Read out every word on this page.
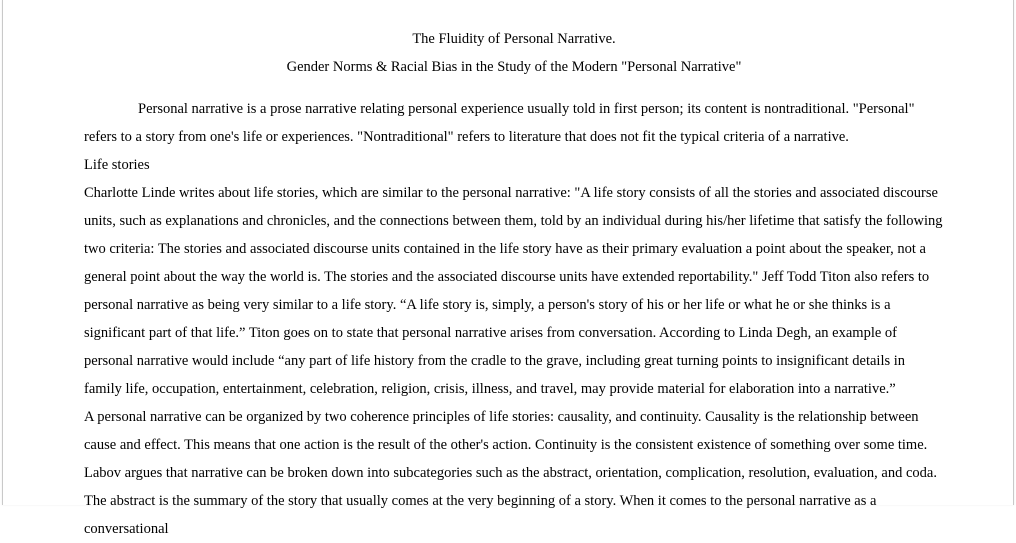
The Fluidity of Personal Narrative.

Gender Norms & Racial Bias in the Study of the Modern "Personal Narrative"

Personal narrative is a prose narrative relating personal experience usually told in first person; its content is nontraditional. "Personal" refers to a story from one's life or experiences. "Nontraditional" refers to literature that does not fit the typical criteria of a narrative.

Life stories

Charlotte Linde writes about life stories, which are similar to the personal narrative: "A life story consists of all the stories and associated discourse units, such as explanations and chronicles, and the connections between them, told by an individual during his/her lifetime that satisfy the following two criteria: The stories and associated discourse units contained in the life story have as their primary evaluation a point about the speaker, not a general point about the way the world is. The stories and the associated discourse units have extended reportability." Jeff Todd Titon also refers to personal narrative as being very similar to a life story. “A life story is, simply, a person's story of his or her life or what he or she thinks is a significant part of that life.” Titon goes on to state that personal narrative arises from conversation. According to Linda Degh, an example of personal narrative would include “any part of life history from the cradle to the grave, including great turning points to insignificant details in family life, occupation, entertainment, celebration, religion, crisis, illness, and travel, may provide material for elaboration into a narrative.”

A personal narrative can be organized by two coherence principles of life stories: causality, and continuity. Causality is the relationship between cause and effect. This means that one action is the result of the other's action. Continuity is the consistent existence of something over some time. Labov argues that narrative can be broken down into subcategories such as the abstract, orientation, complication, resolution, evaluation, and coda. The abstract is the summary of the story that usually comes at the very beginning of a story. When it comes to the personal narrative as a conversational
